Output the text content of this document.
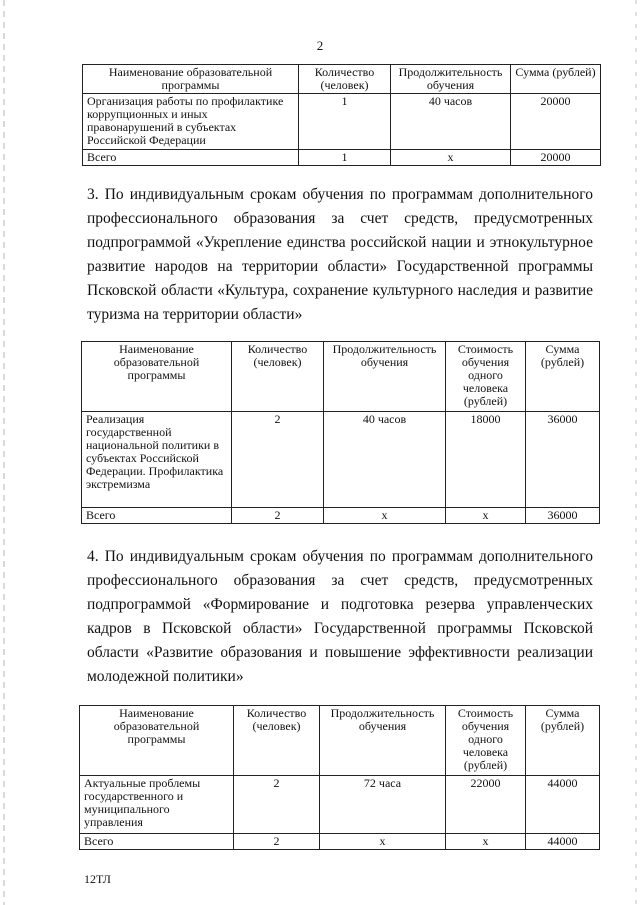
2
Наименование образовательной программы	Количество (человек)	Продолжительность обучения	Сумма (рублей)
Организация работы по профилактике коррупционных и иных правонарушений в субъектах Российской Федерации	1	40 часов	20000
Всего	1	х	20000
3. По индивидуальным срокам обучения по программам дополнительного профессионального образования за счет средств, предусмотренных подпрограммой «Укрепление единства российской нации и этнокультурное развитие народов на территории области» Государственной программы Псковской области «Культура, сохранение культурного наследия и развитие туризма на территории области»
Наименование образовательной программы	Количество (человек)	Продолжительность обучения	Стоимость обучения одного человека (рублей)	Сумма (рублей)
Реализация государственной национальной политики в субъектах Российской Федерации. Профилактика экстремизма	2	40 часов	18000	36000
Всего	2	х	х	36000
4. По индивидуальным срокам обучения по программам дополнительного профессионального образования за счет средств, предусмотренных подпрограммой «Формирование и подготовка резерва управленческих кадров в Псковской области» Государственной программы Псковской области «Развитие образования и повышение эффективности реализации молодежной политики»
Наименование образовательной программы	Количество (человек)	Продолжительность обучения	Стоимость обучения одного человека (рублей)	Сумма (рублей)
Актуальные проблемы государственного и муниципального управления	2	72 часа	22000	44000
Всего	2	х	х	44000
12ТЛ
